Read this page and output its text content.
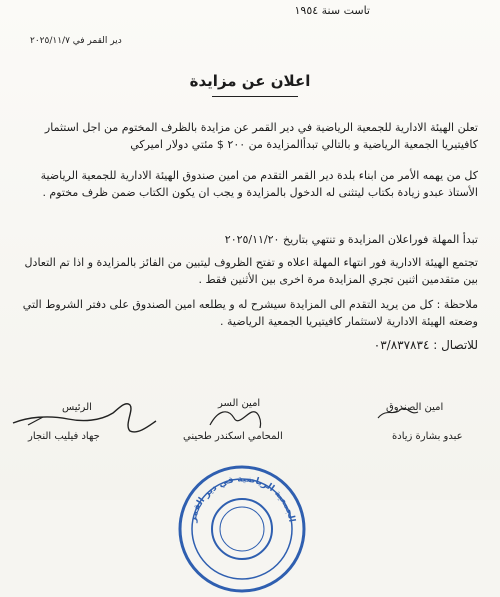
تاست سنة ١٩٥٤
دير القمر في ٢٠٢٥/١١/٧
اعلان عن مزايدة
تعلن الهيئة الادارية للجمعية الرياضية في دير القمر عن مزايدة بالظرف المختوم من اجل استثمار كافيتيريا الجمعية الرياضية و بالتالي تبدأالمزايدة من ٢٠٠ $ مئتي دولار اميركي
كل من يهمه الأمر من ابناء بلدة دير القمر التقدم من امين صندوق الهيئة الادارية للجمعية الرياضية الأستاذ عبدو زيادة بكتاب ليتثنى له الدخول بالمزايدة و يجب ان يكون الكتاب ضمن ظرف مختوم .
تبدأ المهلة فوراعلان المزايدة و تنتهي بتاريخ ٢٠٢٥/١١/٢٠
تجتمع الهيئة الادارية فور انتهاء المهلة اعلاه و تفتح الظروف ليتبين من الفائز بالمزايدة و اذا تم التعادل بين متقدمين اثنين تجري المزايدة مرة اخرى بين الأثنين فقط .
ملاحظة : كل من يريد التقدم الى المزايدة سيشرح له و يطلعه امين الصندوق على دفتر الشروط التي وضعته الهيئة الادارية لاستثمار كافيتيريا الجمعية الرياضية .
للاتصال : ٠٣/٨٣٧٨٣٤
الرئيس
جهاد فيليب النجار
امين السر
المحامي اسكندر طحيني
امين الصندوق
عبدو بشارة زيادة
الجمعية الرياضية في دير القمر
